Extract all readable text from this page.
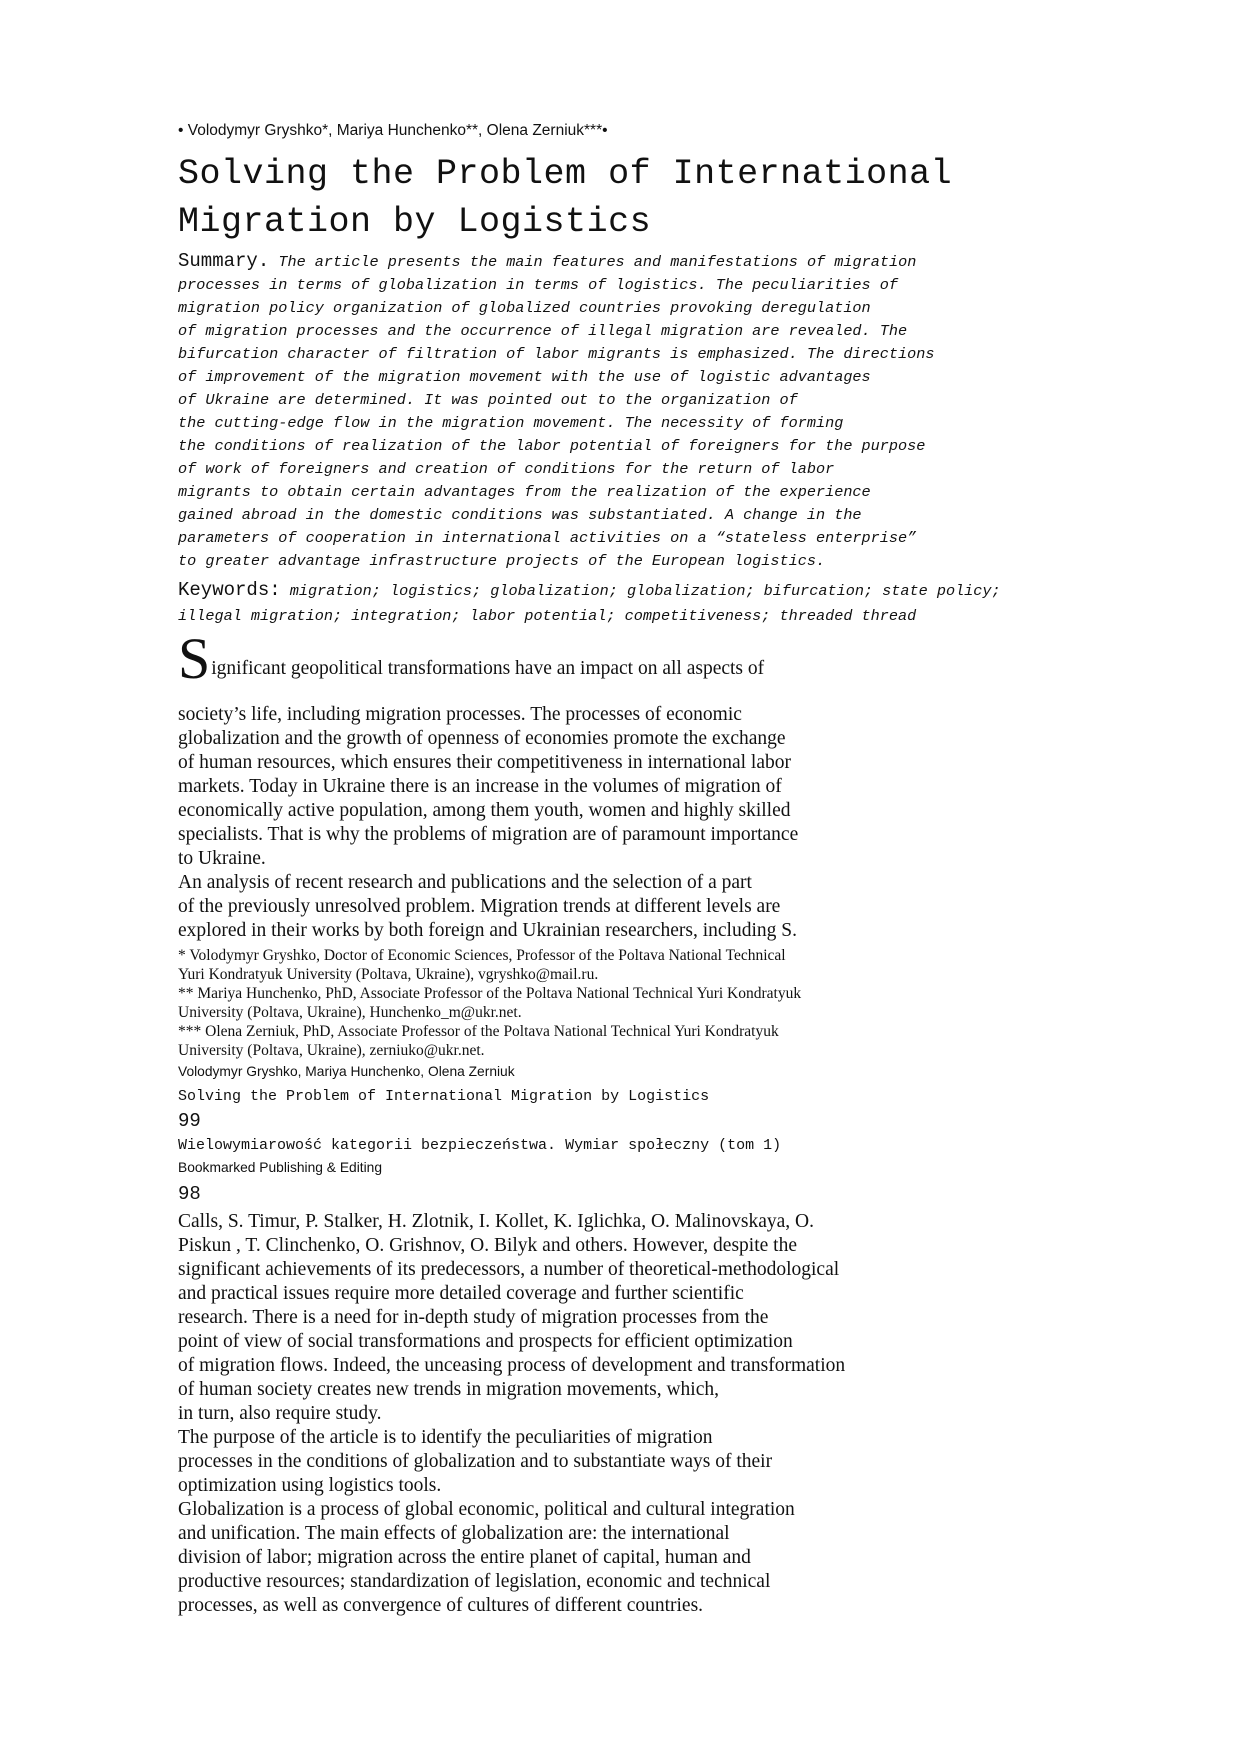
• Volodymyr Gryshko*, Mariya Hunchenko**, Olena Zerniuk***•
Solving the Problem of International
Migration by Logistics
Summary. The article presents the main features and manifestations of migration
processes in terms of globalization in terms of logistics. The peculiarities of
migration policy organization of globalized countries provoking deregulation
of migration processes and the occurrence of illegal migration are revealed. The
bifurcation character of filtration of labor migrants is emphasized. The directions
of improvement of the migration movement with the use of logistic advantages
of Ukraine are determined. It was pointed out to the organization of
the cutting-edge flow in the migration movement. The necessity of forming
the conditions of realization of the labor potential of foreigners for the purpose
of work of foreigners and creation of conditions for the return of labor
migrants to obtain certain advantages from the realization of the experience
gained abroad in the domestic conditions was substantiated. A change in the
parameters of cooperation in international activities on a “stateless enterprise”
to greater advantage infrastructure projects of the European logistics.
Keywords: migration; logistics; globalization; globalization; bifurcation; state policy;
illegal migration; integration; labor potential; competitiveness; threaded thread
Significant geopolitical transformations have an impact on all aspects of
society’s life, including migration processes. The processes of economic
globalization and the growth of openness of economies promote the exchange
of human resources, which ensures their competitiveness in international labor
markets. Today in Ukraine there is an increase in the volumes of migration of
economically active population, among them youth, women and highly skilled
specialists. That is why the problems of migration are of paramount importance
to Ukraine.
An analysis of recent research and publications and the selection of a part
of the previously unresolved problem. Migration trends at different levels are
explored in their works by both foreign and Ukrainian researchers, including S.
* Volodymyr Gryshko, Doctor of Economic Sciences, Professor of the Poltava National Technical
Yuri Kondratyuk University (Poltava, Ukraine), vgryshko@mail.ru.
** Mariya Hunchenko, PhD, Associate Professor of the Poltava National Technical Yuri Kondratyuk
University (Poltava, Ukraine), Hunchenko_m@ukr.net.
*** Olena Zerniuk, PhD, Associate Professor of the Poltava National Technical Yuri Kondratyuk
University (Poltava, Ukraine), zerniuko@ukr.net.
Volodymyr Gryshko, Mariya Hunchenko, Olena Zerniuk
Solving the Problem of International Migration by Logistics
99
Wielowymiarowość kategorii bezpieczeństwa. Wymiar społeczny (tom 1)
Bookmarked Publishing & Editing
98
Calls, S. Timur, P. Stalker, H. Zlotnik, I. Kollet, K. Iglichka, O. Malinovskaya, O.
Piskun , T. Clinchenko, O. Grishnov, O. Bilyk and others. However, despite the
significant achievements of its predecessors, a number of theoretical-methodological
and practical issues require more detailed coverage and further scientific
research. There is a need for in-depth study of migration processes from the
point of view of social transformations and prospects for efficient optimization
of migration flows. Indeed, the unceasing process of development and transformation
of human society creates new trends in migration movements, which,
in turn, also require study.
The purpose of the article is to identify the peculiarities of migration
processes in the conditions of globalization and to substantiate ways of their
optimization using logistics tools.
Globalization is a process of global economic, political and cultural integration
and unification. The main effects of globalization are: the international
division of labor; migration across the entire planet of capital, human and
productive resources; standardization of legislation, economic and technical
processes, as well as convergence of cultures of different countries.
